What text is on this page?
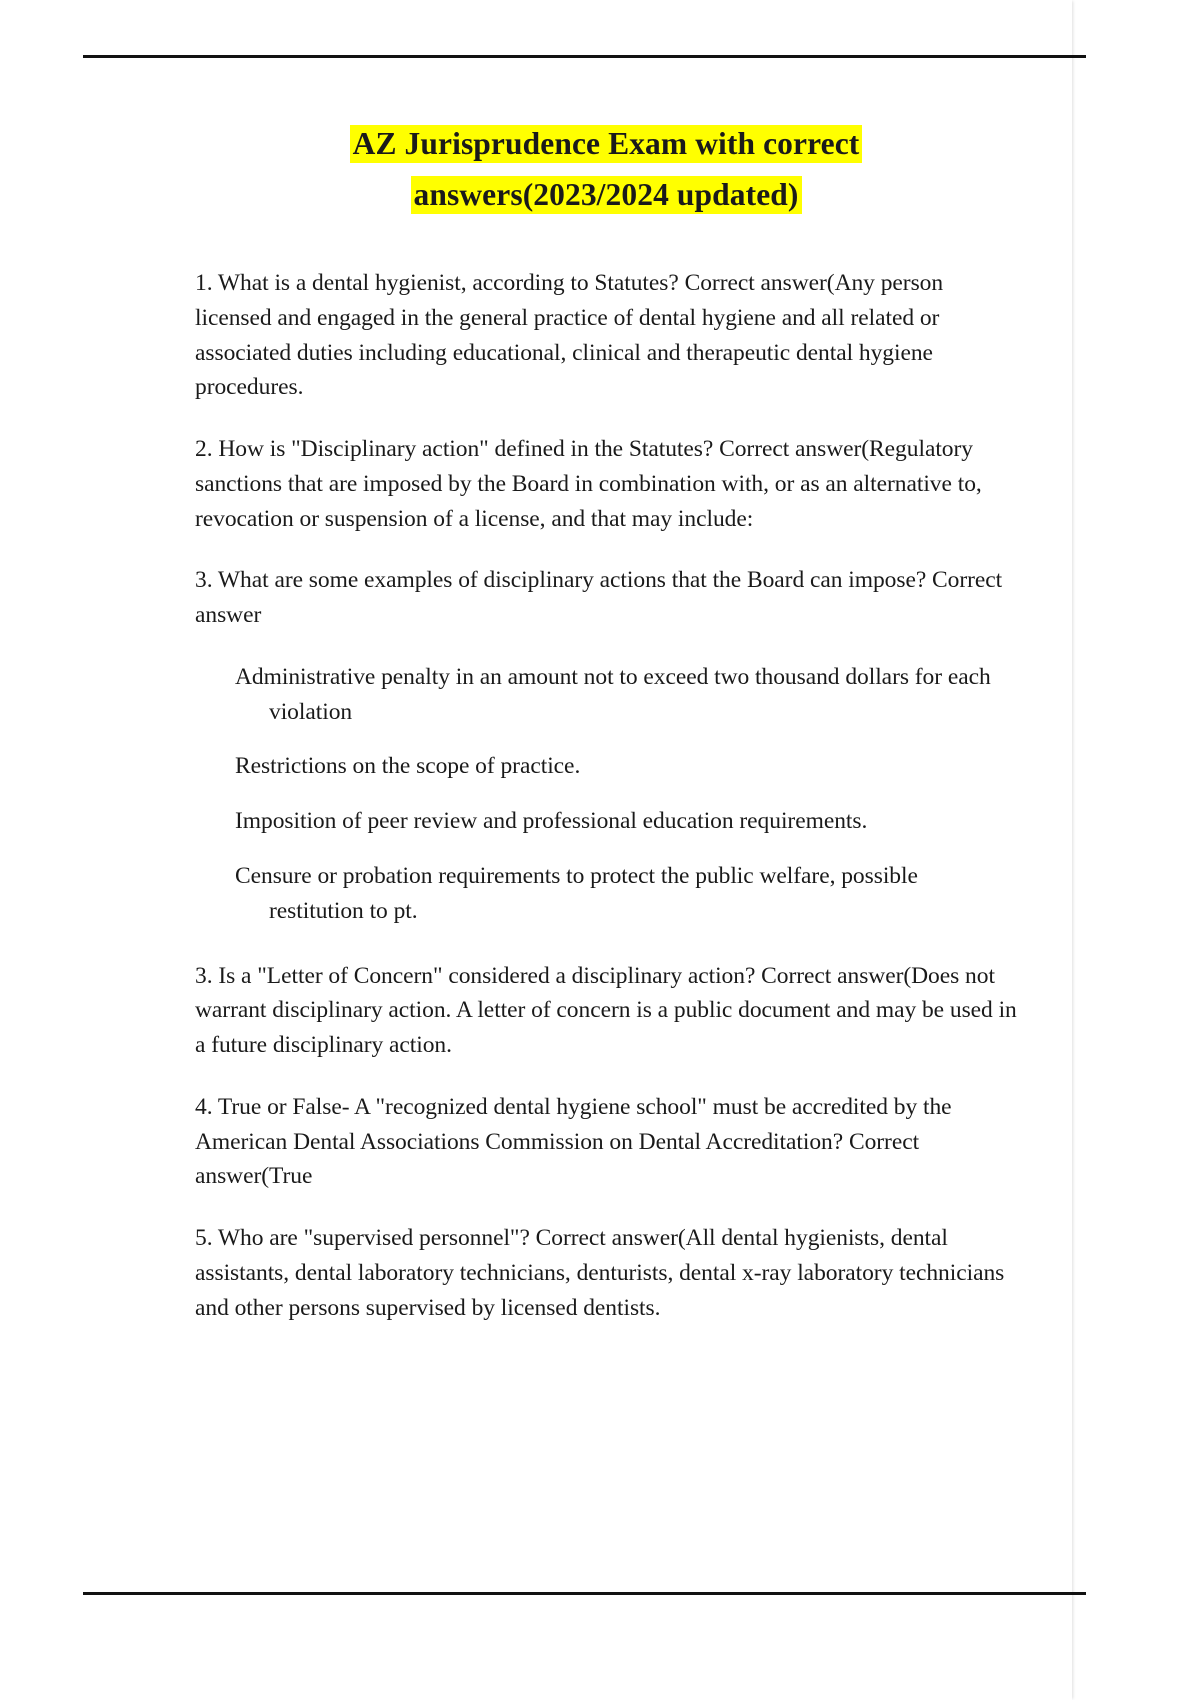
AZ Jurisprudence Exam with correct
answers(2023/2024 updated)

1. What is a dental hygienist, according to Statutes? Correct answer(Any person licensed and engaged in the general practice of dental hygiene and all related or associated duties including educational, clinical and therapeutic dental hygiene procedures.

2. How is "Disciplinary action" defined in the Statutes? Correct answer(Regulatory sanctions that are imposed by the Board in combination with, or as an alternative to, revocation or suspension of a license, and that may include:

3. What are some examples of disciplinary actions that the Board can impose? Correct answer

Administrative penalty in an amount not to exceed two thousand dollars for each violation
Restrictions on the scope of practice.
Imposition of peer review and professional education requirements.
Censure or probation requirements to protect the public welfare, possible restitution to pt.

3. Is a "Letter of Concern" considered a disciplinary action? Correct answer(Does not warrant disciplinary action. A letter of concern is a public document and may be used in a future disciplinary action.

4. True or False- A "recognized dental hygiene school" must be accredited by the American Dental Associations Commission on Dental Accreditation? Correct answer(True

5. Who are "supervised personnel"? Correct answer(All dental hygienists, dental assistants, dental laboratory technicians, denturists, dental x-ray laboratory technicians and other persons supervised by licensed dentists.
